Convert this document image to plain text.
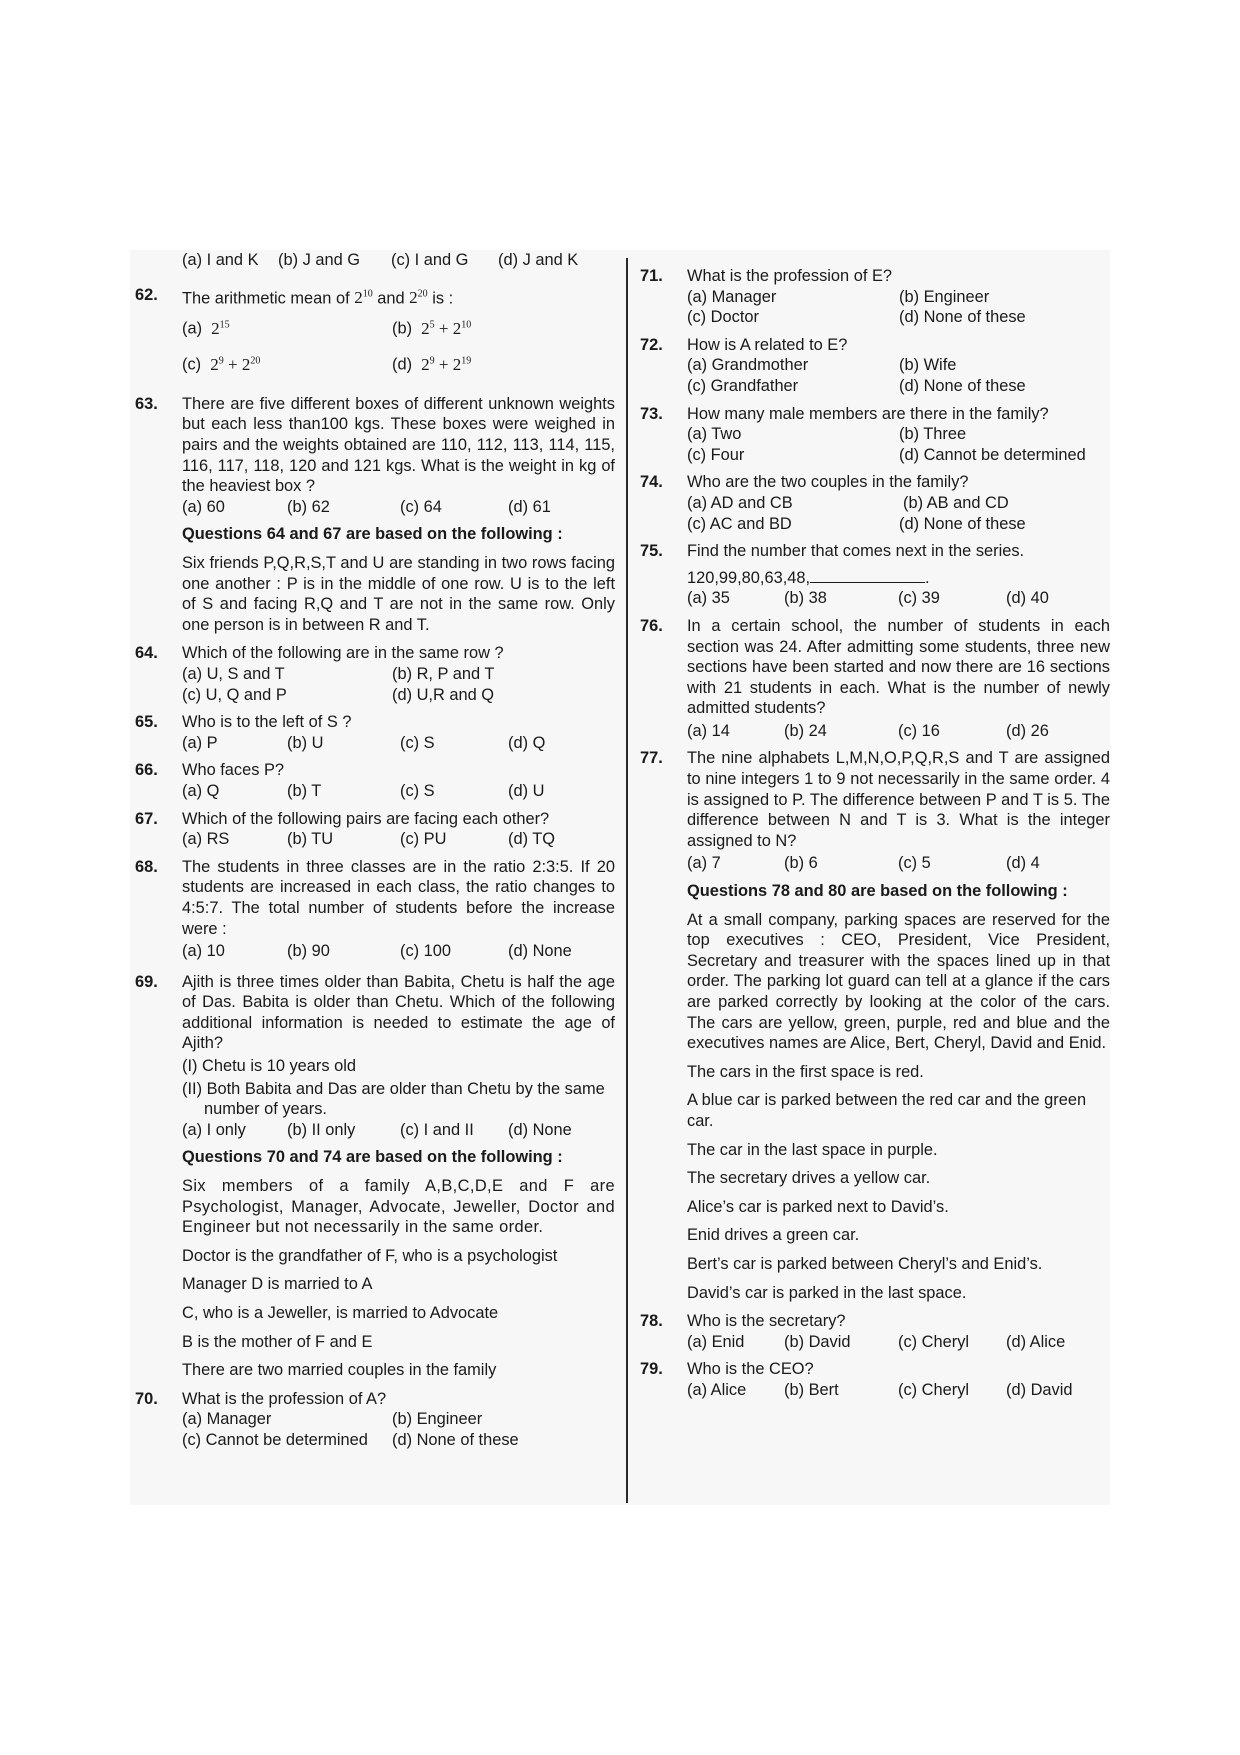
(a) I and K	(b) J and G	(c) I and G	(d) J and K
62. The arithmetic mean of $2^{10}$ and $2^{20}$ is :
(a) $2^{15}$	(b) $2^5 + 2^{10}$
(c) $2^9 + 2^{20}$	(d) $2^9 + 2^{19}$
63. There are five different boxes of different unknown weights but each less than100 kgs. These boxes were weighed in pairs and the weights obtained are 110, 112, 113, 114, 115, 116, 117, 118, 120 and 121 kgs. What is the weight in kg of the heaviest box ?
(a) 60	(b) 62	(c) 64	(d) 61
Questions 64 and 67 are based on the following :
Six friends P,Q,R,S,T and U are standing in two rows facing one another : P is in the middle of one row. U is to the left of S and facing R,Q and T are not in the same row. Only one person is in between R and T.
64. Which of the following are in the same row ?
(a) U, S and T	(b) R, P and T
(c) U, Q and P	(d) U,R and Q
65. Who is to the left of S ?
(a) P	(b) U	(c) S	(d) Q
66. Who faces P?
(a) Q	(b) T	(c) S	(d) U
67. Which of the following pairs are facing each other?
(a) RS	(b) TU	(c) PU	(d) TQ
68. The students in three classes are in the ratio 2:3:5. If 20 students are increased in each class, the ratio changes to 4:5:7. The total number of students before the increase were :
(a) 10	(b) 90	(c) 100	(d) None
69. Ajith is three times older than Babita, Chetu is half the age of Das. Babita is older than Chetu. Which of the following additional information is needed to estimate the age of Ajith?
(I) Chetu is 10 years old
(II) Both Babita and Das are older than Chetu by the same number of years.
(a) I only	(b) II only	(c) I and II	(d) None
Questions 70 and 74 are based on the following :
Six members of a family A,B,C,D,E and F are Psychologist, Manager, Advocate, Jeweller, Doctor and Engineer but not necessarily in the same order.
Doctor is the grandfather of F, who is a psychologist
Manager D is married to A
C, who is a Jeweller, is married to Advocate
B is the mother of F and E
There are two married couples in the family
70. What is the profession of A?
(a) Manager	(b) Engineer
(c) Cannot be determined	(d) None of these
71. What is the profession of E?
(a) Manager	(b) Engineer
(c) Doctor	(d) None of these
72. How is A related to E?
(a) Grandmother	(b) Wife
(c) Grandfather	(d) None of these
73. How many male members are there in the family?
(a) Two	(b) Three
(c) Four	(d) Cannot be determined
74. Who are the two couples in the family?
(a) AD and CB	(b) AB and CD
(c) AC and BD	(d) None of these
75. Find the number that comes next in the series.
120,99,80,63,48,	.
(a) 35	(b) 38	(c) 39	(d) 40
76. In a certain school, the number of students in each section was 24. After admitting some students, three new sections have been started and now there are 16 sections with 21 students in each. What is the number of newly admitted students?
(a) 14	(b) 24	(c) 16	(d) 26
77. The nine alphabets L,M,N,O,P,Q,R,S and T are assigned to nine integers 1 to 9 not necessarily in the same order. 4 is assigned to P. The difference between P and T is 5. The difference between N and T is 3. What is the integer assigned to N?
(a) 7	(b) 6	(c) 5	(d) 4
Questions 78 and 80 are based on the following :
At a small company, parking spaces are reserved for the top executives : CEO, President, Vice President, Secretary and treasurer with the spaces lined up in that order. The parking lot guard can tell at a glance if the cars are parked correctly by looking at the color of the cars. The cars are yellow, green, purple, red and blue and the executives names are Alice, Bert, Cheryl, David and Enid.
The cars in the first space is red.
A blue car is parked between the red car and the green car.
The car in the last space in purple.
The secretary drives a yellow car.
Alice’s car is parked next to David’s.
Enid drives a green car.
Bert’s car is parked between Cheryl’s and Enid’s.
David’s car is parked in the last space.
78. Who is the secretary?
(a) Enid	(b) David	(c) Cheryl	(d) Alice
79. Who is the CEO?
(a) Alice	(b) Bert	(c) Cheryl	(d) David
